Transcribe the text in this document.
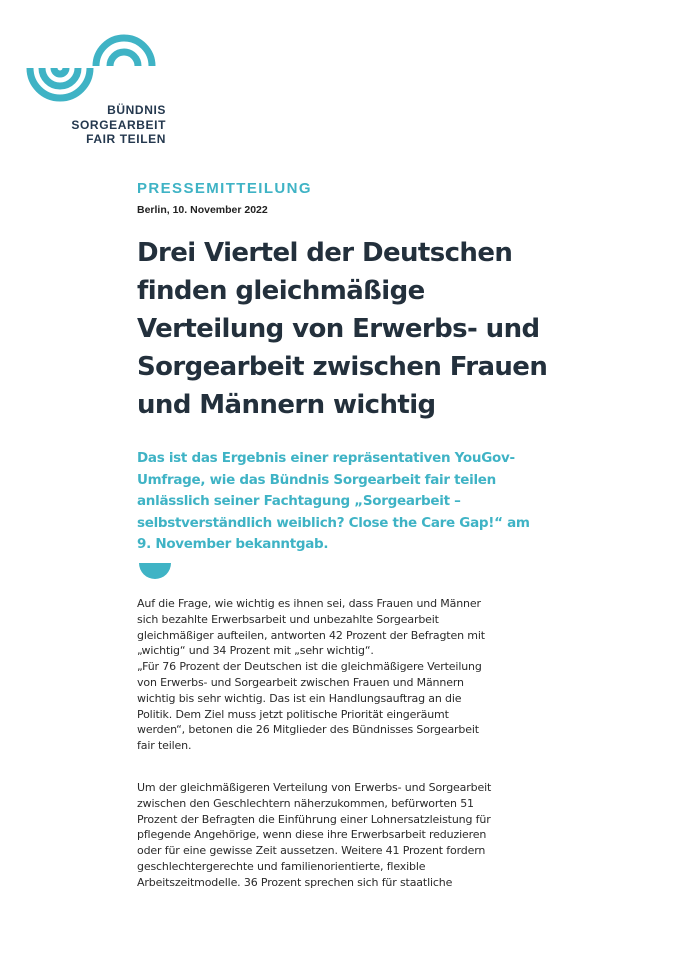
BÜNDNIS
SORGEARBEIT
FAIR TEILEN
PRESSEMITTEILUNG
Berlin, 10. November 2022
Drei Viertel der Deutschen
finden gleichmäßige
Verteilung von Erwerbs- und
Sorgearbeit zwischen Frauen
und Männern wichtig
Das ist das Ergebnis einer repräsentativen YouGov-
Umfrage, wie das Bündnis Sorgearbeit fair teilen
anlässlich seiner Fachtagung „Sorgearbeit –
selbstverständlich weiblich? Close the Care Gap!“ am
9. November bekanntgab.
Auf die Frage, wie wichtig es ihnen sei, dass Frauen und Männer
sich bezahlte Erwerbsarbeit und unbezahlte Sorgearbeit
gleichmäßiger aufteilen, antworten 42 Prozent der Befragten mit
„wichtig“ und 34 Prozent mit „sehr wichtig“.
„Für 76 Prozent der Deutschen ist die gleichmäßigere Verteilung
von Erwerbs- und Sorgearbeit zwischen Frauen und Männern
wichtig bis sehr wichtig. Das ist ein Handlungsauftrag an die
Politik. Dem Ziel muss jetzt politische Priorität eingeräumt
werden“, betonen die 26 Mitglieder des Bündnisses Sorgearbeit
fair teilen.
Um der gleichmäßigeren Verteilung von Erwerbs- und Sorgearbeit
zwischen den Geschlechtern näherzukommen, befürworten 51
Prozent der Befragten die Einführung einer Lohnersatzleistung für
pflegende Angehörige, wenn diese ihre Erwerbsarbeit reduzieren
oder für eine gewisse Zeit aussetzen. Weitere 41 Prozent fordern
geschlechtergerechte und familienorientierte, flexible
Arbeitszeitmodelle. 36 Prozent sprechen sich für staatliche
